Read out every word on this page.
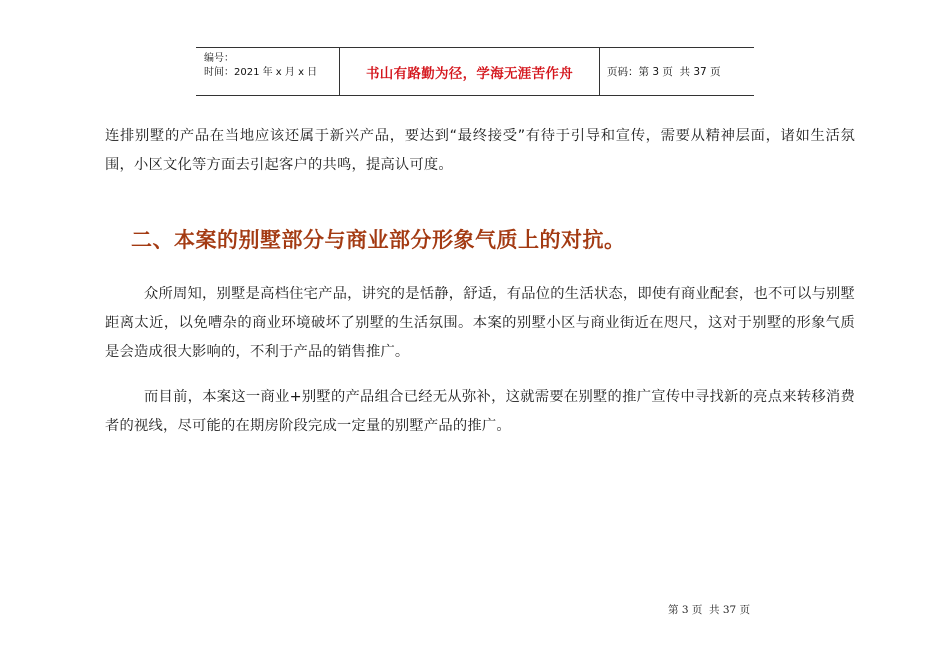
编号：
时间：2021 年 x 月 x 日	书山有路勤为径，学海无涯苦作舟	页码：第 3 页  共 37 页

连排别墅的产品在当地应该还属于新兴产品，要达到“最终接受”有待于引导和宣传，需要从精神层面，诸如生活氛围，小区文化等方面去引起客户的共鸣，提高认可度。

二、本案的别墅部分与商业部分形象气质上的对抗。

众所周知，别墅是高档住宅产品，讲究的是恬静，舒适，有品位的生活状态，即使有商业配套，也不可以与别墅距离太近，以免嘈杂的商业环境破坏了别墅的生活氛围。本案的别墅小区与商业街近在咫尺，这对于别墅的形象气质是会造成很大影响的，不利于产品的销售推广。

而目前，本案这一商业+别墅的产品组合已经无从弥补，这就需要在别墅的推广宣传中寻找新的亮点来转移消费者的视线，尽可能的在期房阶段完成一定量的别墅产品的推广。

第 3 页  共 37 页
